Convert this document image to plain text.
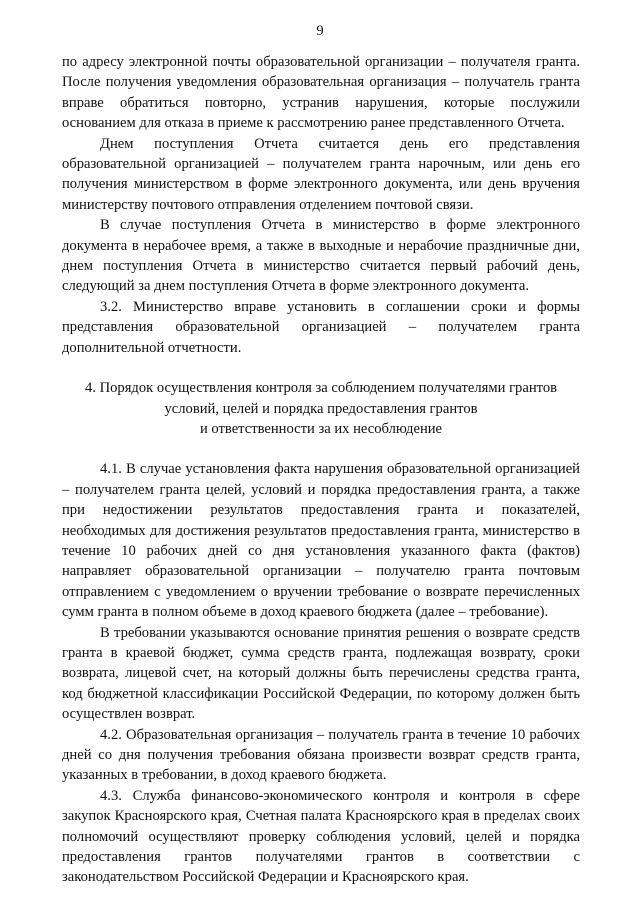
9

по адресу электронной почты образовательной организации – получателя гранта. После получения уведомления образовательная организация – получатель гранта вправе обратиться повторно, устранив нарушения, которые послужили основанием для отказа в приеме к рассмотрению ранее представленного Отчета.

Днем поступления Отчета считается день его представления образовательной организацией – получателем гранта нарочным, или день его получения министерством в форме электронного документа, или день вручения министерству почтового отправления отделением почтовой связи.

В случае поступления Отчета в министерство в форме электронного документа в нерабочее время, а также в выходные и нерабочие праздничные дни, днем поступления Отчета в министерство считается первый рабочий день, следующий за днем поступления Отчета в форме электронного документа.

3.2. Министерство вправе установить в соглашении сроки и формы представления образовательной организацией – получателем гранта дополнительной отчетности.

4. Порядок осуществления контроля за соблюдением получателями грантов
условий, целей и порядка предоставления грантов
и ответственности за их несоблюдение

4.1. В случае установления факта нарушения образовательной организацией – получателем гранта целей, условий и порядка предоставления гранта, а также при недостижении результатов предоставления гранта и показателей, необходимых для достижения результатов предоставления гранта, министерство в течение 10 рабочих дней со дня установления указанного факта (фактов) направляет образовательной организации – получателю гранта почтовым отправлением с уведомлением о вручении требование о возврате перечисленных сумм гранта в полном объеме в доход краевого бюджета (далее – требование).

В требовании указываются основание принятия решения о возврате средств гранта в краевой бюджет, сумма средств гранта, подлежащая возврату, сроки возврата, лицевой счет, на который должны быть перечислены средства гранта, код бюджетной классификации Российской Федерации, по которому должен быть осуществлен возврат.

4.2. Образовательная организация – получатель гранта в течение 10 рабочих дней со дня получения требования обязана произвести возврат средств гранта, указанных в требовании, в доход краевого бюджета.

4.3. Служба финансово-экономического контроля и контроля в сфере закупок Красноярского края, Счетная палата Красноярского края в пределах своих полномочий осуществляют проверку соблюдения условий, целей и порядка предоставления грантов получателями грантов в соответствии с законодательством Российской Федерации и Красноярского края.
